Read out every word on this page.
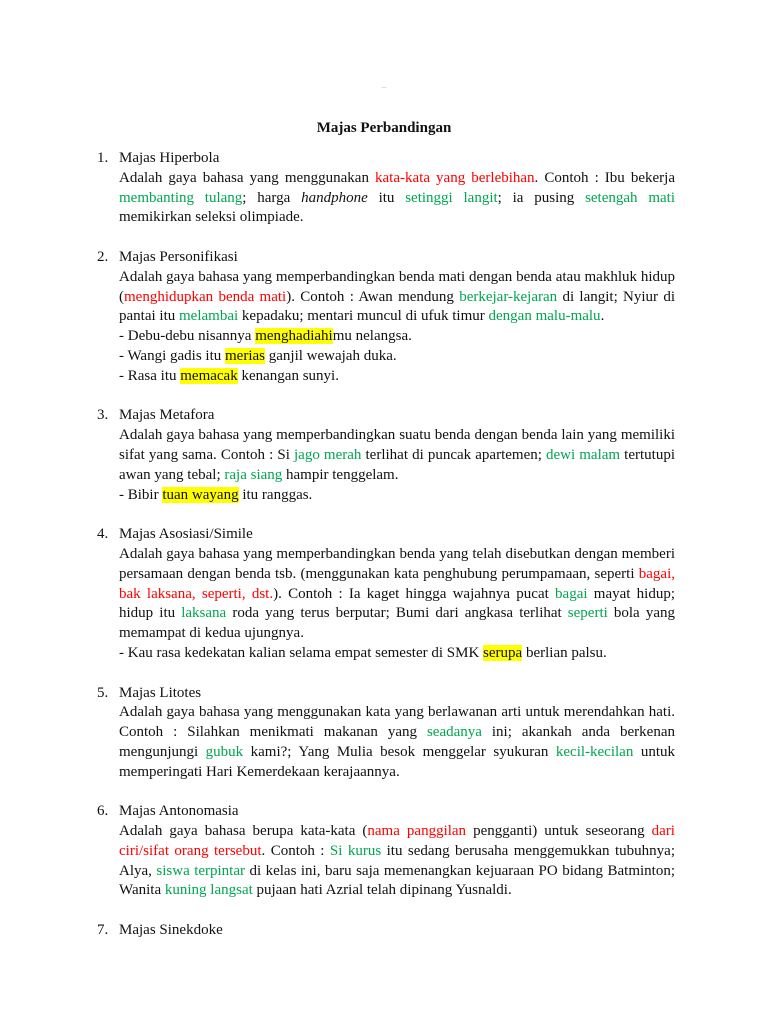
—
Majas Perbandingan
1. Majas Hiperbola
Adalah gaya bahasa yang menggunakan kata-kata yang berlebihan. Contoh : Ibu bekerja membanting tulang; harga handphone itu setinggi langit; ia pusing setengah mati memikirkan seleksi olimpiade.
2. Majas Personifikasi
Adalah gaya bahasa yang memperbandingkan benda mati dengan benda atau makhluk hidup (menghidupkan benda mati). Contoh : Awan mendung berkejar-kejaran di langit; Nyiur di pantai itu melambai kepadaku; mentari muncul di ufuk timur dengan malu-malu.
- Debu-debu nisannya menghadiahimu nelangsa.
- Wangi gadis itu merias ganjil wewajah duka.
- Rasa itu memacak kenangan sunyi.
3. Majas Metafora
Adalah gaya bahasa yang memperbandingkan suatu benda dengan benda lain yang memiliki sifat yang sama. Contoh : Si jago merah terlihat di puncak apartemen; dewi malam tertutupi awan yang tebal; raja siang hampir tenggelam.
- Bibir tuan wayang itu ranggas.
4. Majas Asosiasi/Simile
Adalah gaya bahasa yang memperbandingkan benda yang telah disebutkan dengan memberi persamaan dengan benda tsb. (menggunakan kata penghubung perumpamaan, seperti bagai, bak laksana, seperti, dst.). Contoh : Ia kaget hingga wajahnya pucat bagai mayat hidup; hidup itu laksana roda yang terus berputar; Bumi dari angkasa terlihat seperti bola yang memampat di kedua ujungnya.
- Kau rasa kedekatan kalian selama empat semester di SMK serupa berlian palsu.
5. Majas Litotes
Adalah gaya bahasa yang menggunakan kata yang berlawanan arti untuk merendahkan hati. Contoh : Silahkan menikmati makanan yang seadanya ini; akankah anda berkenan mengunjungi gubuk kami?; Yang Mulia besok menggelar syukuran kecil-kecilan untuk memperingati Hari Kemerdekaan kerajaannya.
6. Majas Antonomasia
Adalah gaya bahasa berupa kata-kata (nama panggilan pengganti) untuk seseorang dari ciri/sifat orang tersebut. Contoh : Si kurus itu sedang berusaha menggemukkan tubuhnya; Alya, siswa terpintar di kelas ini, baru saja memenangkan kejuaraan PO bidang Batminton; Wanita kuning langsat pujaan hati Azrial telah dipinang Yusnaldi.
7. Majas Sinekdoke
